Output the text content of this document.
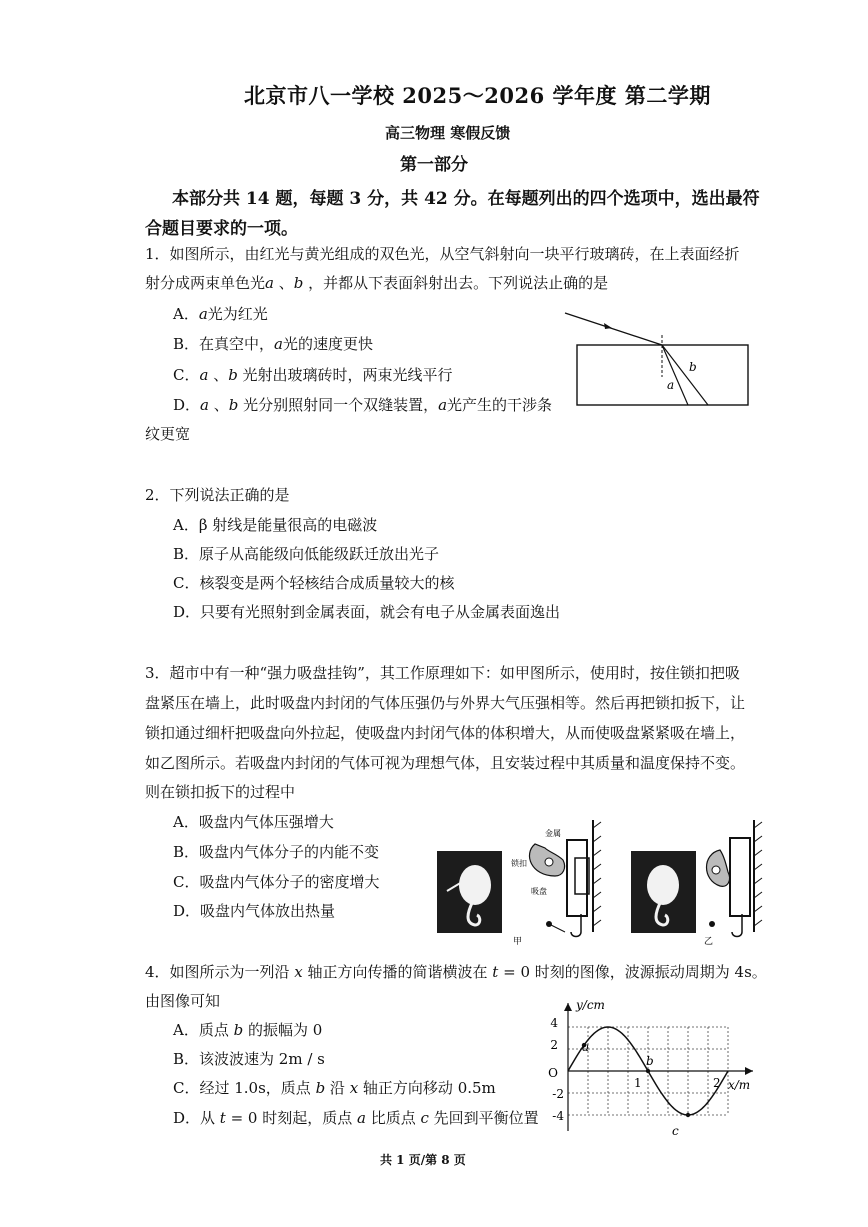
北京市八一学校 2025～2026 学年度 第二学期
高三物理 寒假反馈
第一部分
本部分共 14 题，每题 3 分，共 42 分。在每题列出的四个选项中，选出最符
合题目要求的一项。
1．如图所示，由红光与黄光组成的双色光，从空气斜射向一块平行玻璃砖，在上表面经折
射分成两束单色光𝑎 、𝑏 ，并都从下表面斜射出去。下列说法止确的是
A．𝑎光为红光
B．在真空中，𝑎光的速度更快
C．𝑎 、𝑏 光射出玻璃砖时，两束光线平行
D．𝑎 、𝑏 光分别照射同一个双缝装置，𝑎光产生的干涉条
纹更宽
a
b
2．下列说法正确的是
A．β 射线是能量很高的电磁波
B．原子从高能级向低能级跃迁放出光子
C．核裂变是两个轻核结合成质量较大的核
D．只要有光照射到金属表面，就会有电子从金属表面逸出
3．超市中有一种“强力吸盘挂钩”，其工作原理如下：如甲图所示，使用时，按住锁扣把吸
盘紧压在墙上，此时吸盘内封闭的气体压强仍与外界大气压强相等。然后再把锁扣扳下，让
锁扣通过细杆把吸盘向外拉起，使吸盘内封闭气体的体积增大，从而使吸盘紧紧吸在墙上，
如乙图所示。若吸盘内封闭的气体可视为理想气体，且安装过程中其质量和温度保持不变。
则在锁扣扳下的过程中
A．吸盘内气体压强增大
B．吸盘内气体分子的内能不变
C．吸盘内气体分子的密度增大
D．吸盘内气体放出热量
金属
锁扣
吸盘
甲	乙
4．如图所示为一列沿 𝑥 轴正方向传播的简谐横波在 𝑡 = 0 时刻的图像，波源振动周期为 4s。
由图像可知
A．质点 𝑏 的振幅为 0
B．该波波速为 2m / s
C．经过 1.0s，质点 𝑏 沿 𝑥 轴正方向移动 0.5m
D．从 𝑡 = 0 时刻起，质点 𝑎 比质点 𝑐 先回到平衡位置
y/cm
x/m
4
2
O
-2
-4
1	2
a
b
c
共 1 页/第 8 页
